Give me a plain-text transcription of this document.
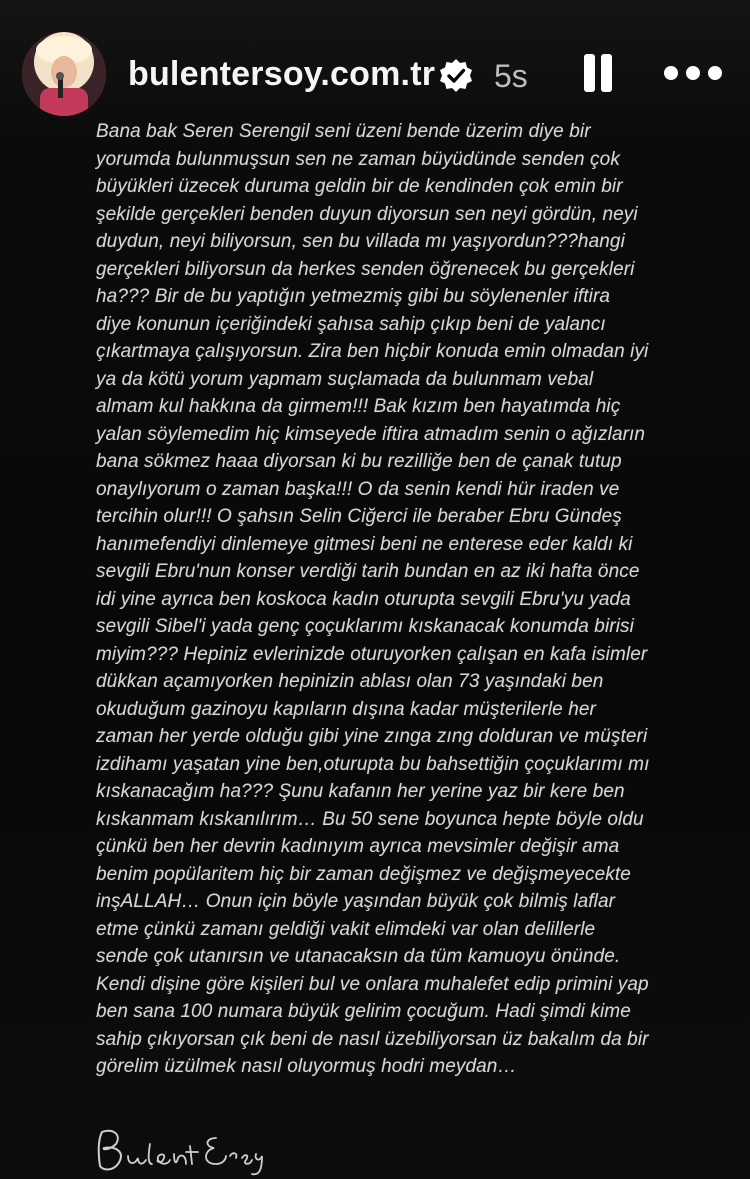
bulentersoy.com.tr 5s

Bana bak Seren Serengil seni üzeni bende üzerim diye bir
yorumda bulunmuşsun sen ne zaman büyüdünde senden çok
büyükleri üzecek duruma geldin bir de kendinden çok emin bir
şekilde gerçekleri benden duyun diyorsun sen neyi gördün, neyi
duydun, neyi biliyorsun, sen bu villada mı yaşıyordun???hangi
gerçekleri biliyorsun da herkes senden öğrenecek bu gerçekleri
ha??? Bir de bu yaptığın yetmezmiş gibi bu söylenenler iftira
diye konunun içeriğindeki şahısa sahip çıkıp beni de yalancı
çıkartmaya çalışıyorsun. Zira ben hiçbir konuda emin olmadan iyi
ya da kötü yorum yapmam suçlamada da bulunmam vebal
almam kul hakkına da girmem!!! Bak kızım ben hayatımda hiç
yalan söylemedim hiç kimseyede iftira atmadım senin o ağızların
bana sökmez haaa diyorsan ki bu rezilliğe ben de çanak tutup
onaylıyorum o zaman başka!!! O da senin kendi hür iraden ve
tercihin olur!!! O şahsın Selin Ciğerci ile beraber Ebru Gündeş
hanımefendiyi dinlemeye gitmesi beni ne enterese eder kaldı ki
sevgili Ebru'nun konser verdiği tarih bundan en az iki hafta önce
idi yine ayrıca ben koskoca kadın oturupta sevgili Ebru'yu yada
sevgili Sibel'i yada genç çoçuklarımı kıskanacak konumda birisi
miyim??? Hepiniz evlerinizde oturuyorken çalışan en kafa isimler
dükkan açamıyorken hepinizin ablası olan 73 yaşındaki ben
okuduğum gazinoyu kapıların dışına kadar müşterilerle her
zaman her yerde olduğu gibi yine zınga zıng dolduran ve müşteri
izdihamı yaşatan yine ben,oturupta bu bahsettiğin çoçuklarımı mı
kıskanacağım ha??? Şunu kafanın her yerine yaz bir kere ben
kıskanmam kıskanılırım… Bu 50 sene boyunca hepte böyle oldu
çünkü ben her devrin kadınıyım ayrıca mevsimler değişir ama
benim popülaritem hiç bir zaman değişmez ve değişmeyecekte
inşALLAH… Onun için böyle yaşından büyük çok bilmiş laflar
etme çünkü zamanı geldiği vakit elimdeki var olan delillerle
sende çok utanırsın ve utanacaksın da tüm kamuoyu önünde.
Kendi dişine göre kişileri bul ve onlara muhalefet edip primini yap
ben sana 100 numara büyük gelirim çocuğum. Hadi şimdi kime
sahip çıkıyorsan çık beni de nasıl üzebiliyorsan üz bakalım da bir
görelim üzülmek nasıl oluyormuş hodri meydan…
